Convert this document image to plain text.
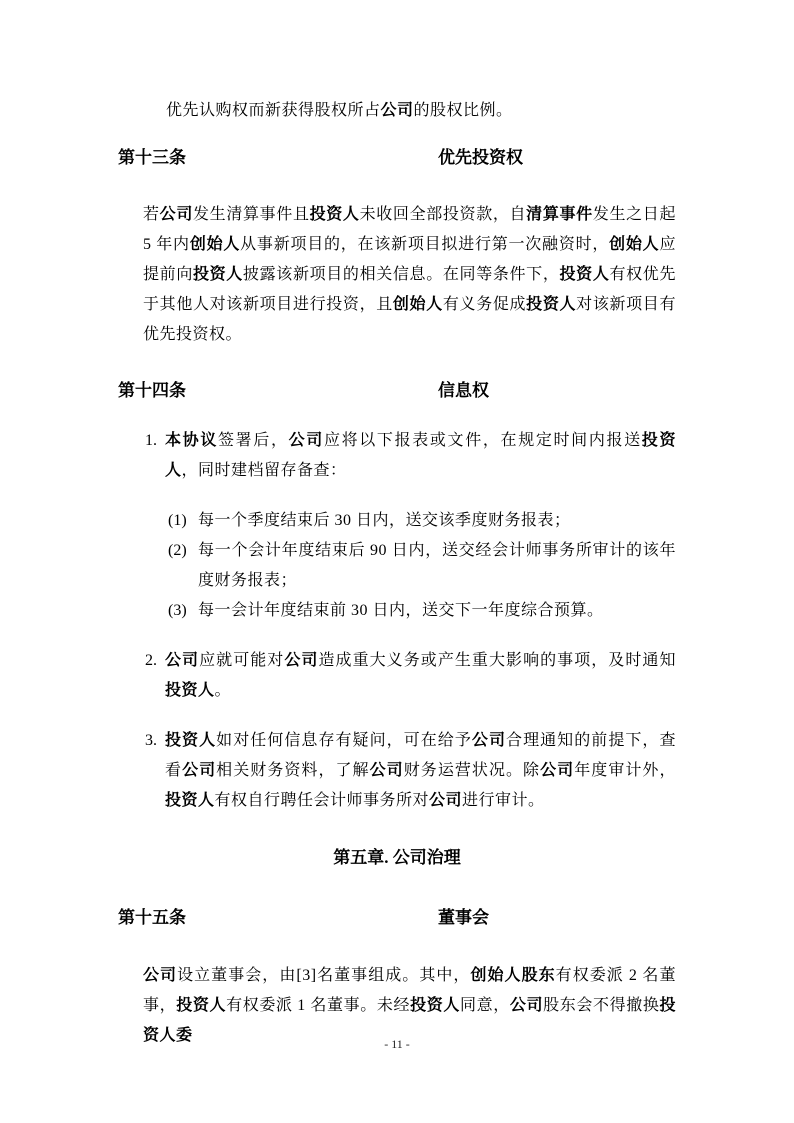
优先认购权而新获得股权所占公司的股权比例。

第十三条	优先投资权

若公司发生清算事件且投资人未收回全部投资款，自清算事件发生之日起 5 年内创始人从事新项目的，在该新项目拟进行第一次融资时，创始人应提前向投资人披露该新项目的相关信息。在同等条件下，投资人有权优先于其他人对该新项目进行投资，且创始人有义务促成投资人对该新项目有优先投资权。

第十四条	信息权
1. 本协议签署后，公司应将以下报表或文件，在规定时间内报送投资人，同时建档留存备查：
(1) 每一个季度结束后 30 日内，送交该季度财务报表；
(2) 每一个会计年度结束后 90 日内，送交经会计师事务所审计的该年度财务报表；
(3) 每一会计年度结束前 30 日内，送交下一年度综合预算。
2. 公司应就可能对公司造成重大义务或产生重大影响的事项，及时通知投资人。
3. 投资人如对任何信息存有疑问，可在给予公司合理通知的前提下，查看公司相关财务资料，了解公司财务运营状况。除公司年度审计外，投资人有权自行聘任会计师事务所对公司进行审计。

第五章. 公司治理

第十五条	董事会

公司设立董事会，由[3]名董事组成。其中，创始人股东有权委派 2 名董事，投资人有权委派 1 名董事。未经投资人同意，公司股东会不得撤换投资人委	- 11 -
